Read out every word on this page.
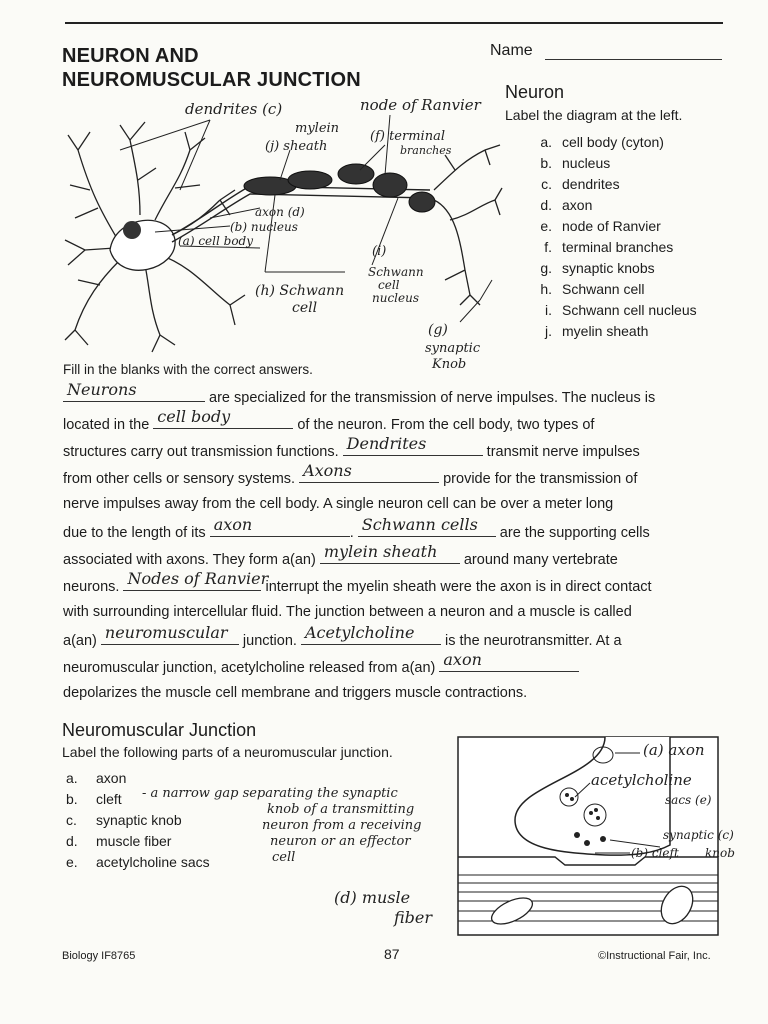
NEURON AND
NEUROMUSCULAR JUNCTION
Name
dendrites (c)	node of Ranvier
mylein
(j) sheath
(f) terminal
branches
axon (d)
(b) nucleus
(a) cell body
(i)
Schwann
cell
nucleus
(h) Schwann
cell
(g)
synaptic
Knob
Neuron
Label the diagram at the left.
a. cell body (cyton)
b. nucleus
c. dendrites
d. axon
e. node of Ranvier
f. terminal branches
g. synaptic knobs
h. Schwann cell
i. Schwann cell nucleus
j. myelin sheath
Fill in the blanks with the correct answers.
Neurons	are specialized for the transmission of nerve impulses. The nucleus is
located in the cell body	of the neuron. From the cell body, two types of
structures carry out transmission functions. Dendrites	transmit nerve impulses
from other cells or sensory systems. Axons	provide for the transmission of
nerve impulses away from the cell body. A single neuron cell can be over a meter long
due to the length of its axon	. Schwann cells are the supporting cells
associated with axons. They form a(an) mylein sheath around many vertebrate
neurons. Nodes of Ranvier
interrupt the myelin sheath were the axon is in direct contact
with surrounding intercellular fluid. The junction between a neuron and a muscle is called
a(an) neuromuscular junction. Acetylcholine is the neurotransmitter. At a
neuromuscular junction, acetylcholine released from a(an) axon
depolarizes the muscle cell membrane and triggers muscle contractions.
Neuromuscular Junction
Label the following parts of a neuromuscular junction.
a. axon
b. cleft
c. synaptic knob
d. muscle fiber
e. acetylcholine sacs
- a narrow gap separating the synaptic
knob of a transmitting
neuron from a receiving
neuron or an effector
cell
(d) musle
fiber
(a) axon
acetylcholine
sacs (e)
synaptic (c)
knob
(b) cleft
Biology IF8765	87	©Instructional Fair, Inc.
